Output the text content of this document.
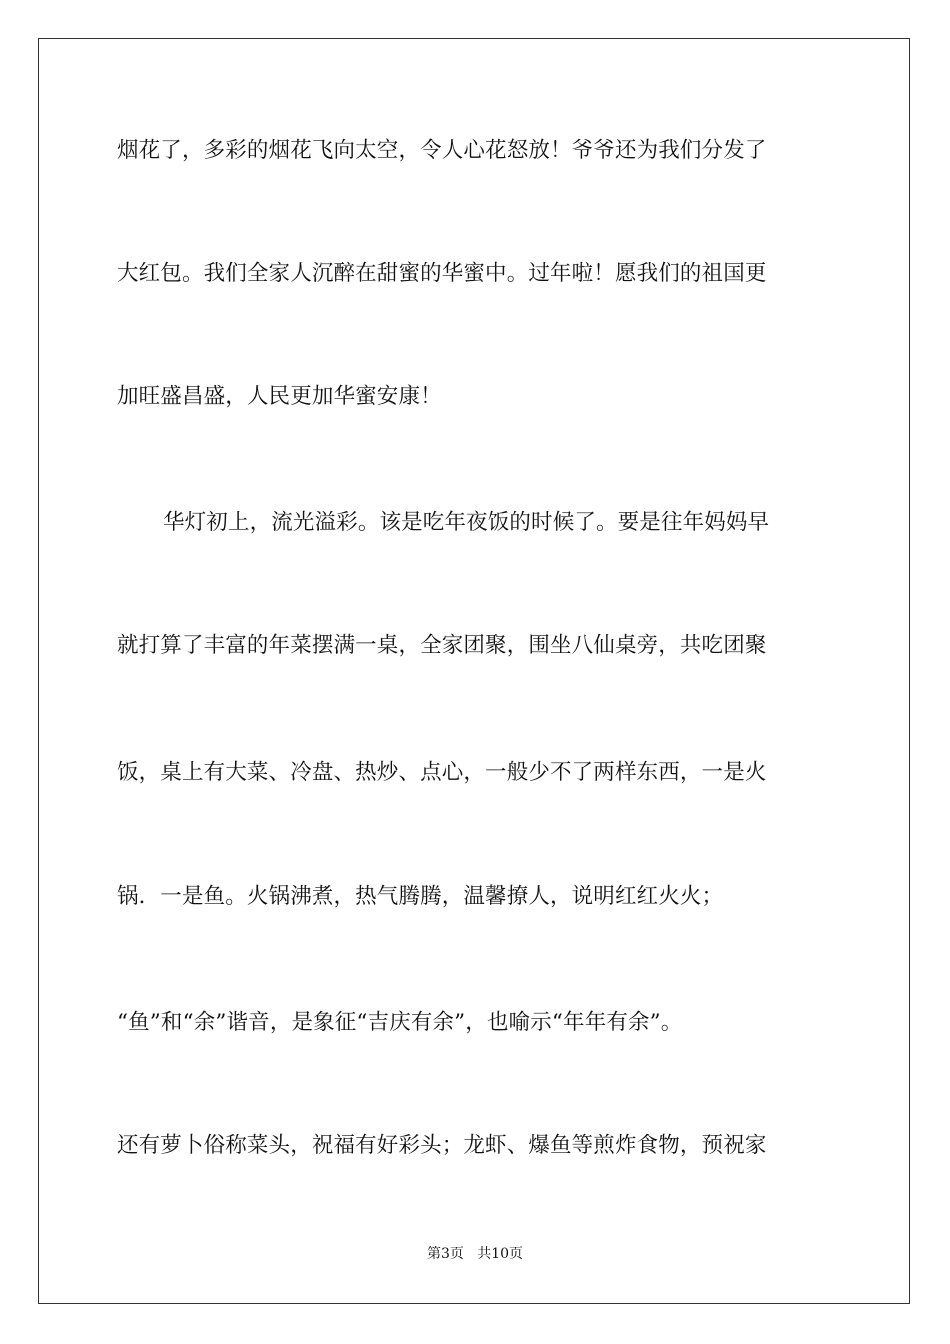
烟花了，多彩的烟花飞向太空，令人心花怒放！爷爷还为我们分发了
大红包。我们全家人沉醉在甜蜜的华蜜中。过年啦！愿我们的祖国更
加旺盛昌盛，人民更加华蜜安康！
华灯初上，流光溢彩。该是吃年夜饭的时候了。要是往年妈妈早
就打算了丰富的年菜摆满一桌，全家团聚，围坐八仙桌旁，共吃团聚
饭，桌上有大菜、冷盘、热炒、点心，一般少不了两样东西，一是火
锅．一是鱼。火锅沸煮，热气腾腾，温馨撩人，说明红红火火；
“鱼”和“余”谐音，是象征“吉庆有余”，也喻示“年年有余”。
还有萝卜俗称菜头，祝福有好彩头；龙虾、爆鱼等煎炸食物，预祝家
第3页   共10页
